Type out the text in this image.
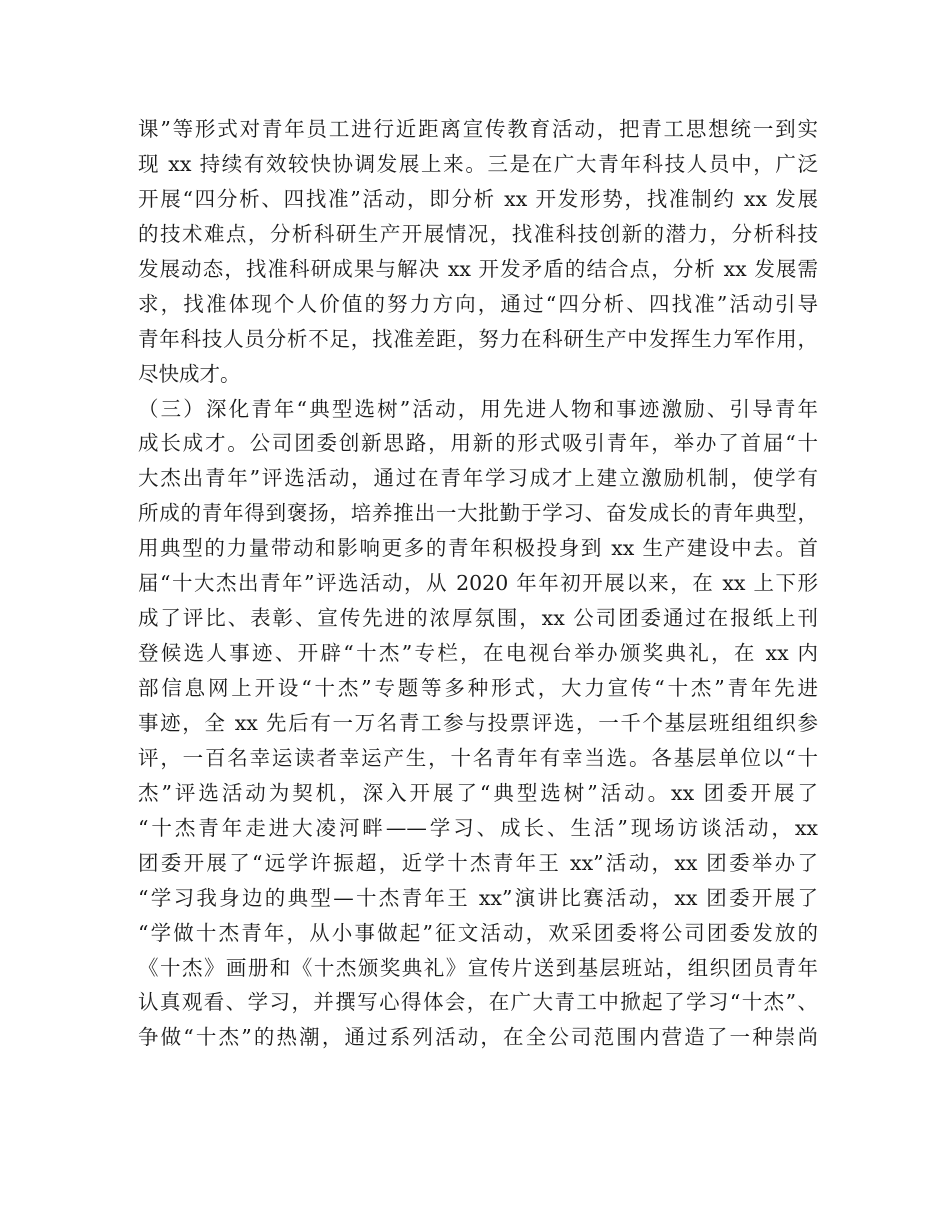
课”等形式对青年员工进行近距离宣传教育活动，把青工思想统一到实
现 xx 持续有效较快协调发展上来。三是在广大青年科技人员中，广泛
开展“四分析、四找准”活动，即分析 xx 开发形势，找准制约 xx 发展
的技术难点，分析科研生产开展情况，找准科技创新的潜力，分析科技
发展动态，找准科研成果与解决 xx 开发矛盾的结合点，分析 xx 发展需
求，找准体现个人价值的努力方向，通过“四分析、四找准”活动引导
青年科技人员分析不足，找准差距，努力在科研生产中发挥生力军作用，
尽快成才。
（三）深化青年“典型选树”活动，用先进人物和事迹激励、引导青年
成长成才。公司团委创新思路，用新的形式吸引青年，举办了首届“十
大杰出青年”评选活动，通过在青年学习成才上建立激励机制，使学有
所成的青年得到褒扬，培养推出一大批勤于学习、奋发成长的青年典型，
用典型的力量带动和影响更多的青年积极投身到 xx 生产建设中去。首
届“十大杰出青年”评选活动，从 2020 年年初开展以来，在 xx 上下形
成了评比、表彰、宣传先进的浓厚氛围，xx 公司团委通过在报纸上刊
登候选人事迹、开辟“十杰”专栏，在电视台举办颁奖典礼，在 xx 内
部信息网上开设“十杰”专题等多种形式，大力宣传“十杰”青年先进
事迹，全 xx 先后有一万名青工参与投票评选，一千个基层班组组织参
评，一百名幸运读者幸运产生，十名青年有幸当选。各基层单位以“十
杰”评选活动为契机，深入开展了“典型选树”活动。xx 团委开展了
“十杰青年走进大凌河畔——学习、成长、生活”现场访谈活动，xx
团委开展了“远学许振超，近学十杰青年王 xx”活动，xx 团委举办了
“学习我身边的典型—十杰青年王 xx”演讲比赛活动，xx 团委开展了
“学做十杰青年，从小事做起”征文活动，欢采团委将公司团委发放的
《十杰》画册和《十杰颁奖典礼》宣传片送到基层班站，组织团员青年
认真观看、学习，并撰写心得体会，在广大青工中掀起了学习“十杰”、
争做“十杰”的热潮，通过系列活动，在全公司范围内营造了一种崇尚
